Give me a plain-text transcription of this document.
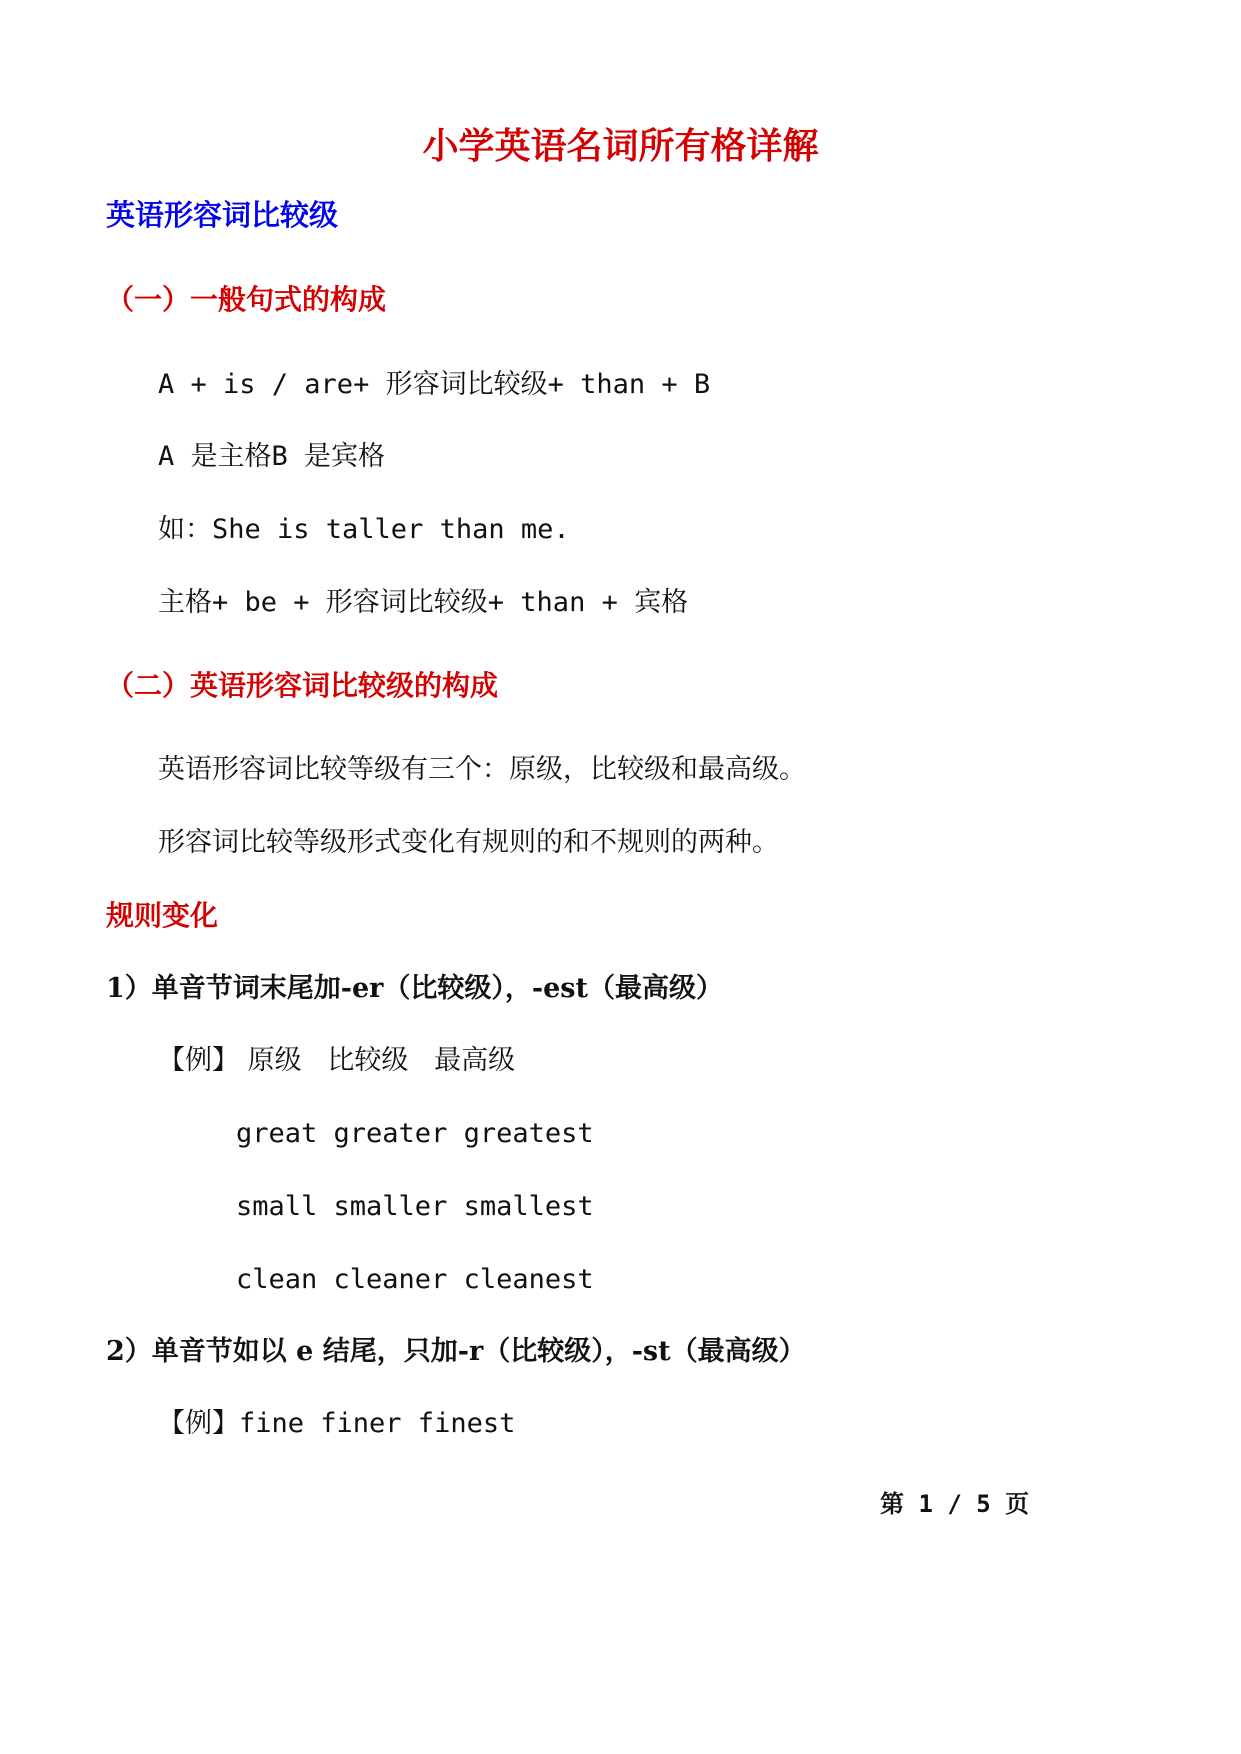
小学英语名词所有格详解
英语形容词比较级
（一）一般句式的构成
A + is / are+ 形容词比较级+ than + B
A 是主格B 是宾格
如：She is taller than me.
主格+ be + 形容词比较级+ than + 宾格
（二）英语形容词比较级的构成
英语形容词比较等级有三个：原级，比较级和最高级。
形容词比较等级形式变化有规则的和不规则的两种。
规则变化
1）单音节词末尾加-er（比较级），-est（最高级）
【例】 原级   比较级   最高级
great greater greatest
small smaller smallest
clean cleaner cleanest
2）单音节如以 e 结尾，只加-r（比较级），-st（最高级）
【例】fine finer finest
第 1 / 5 页
